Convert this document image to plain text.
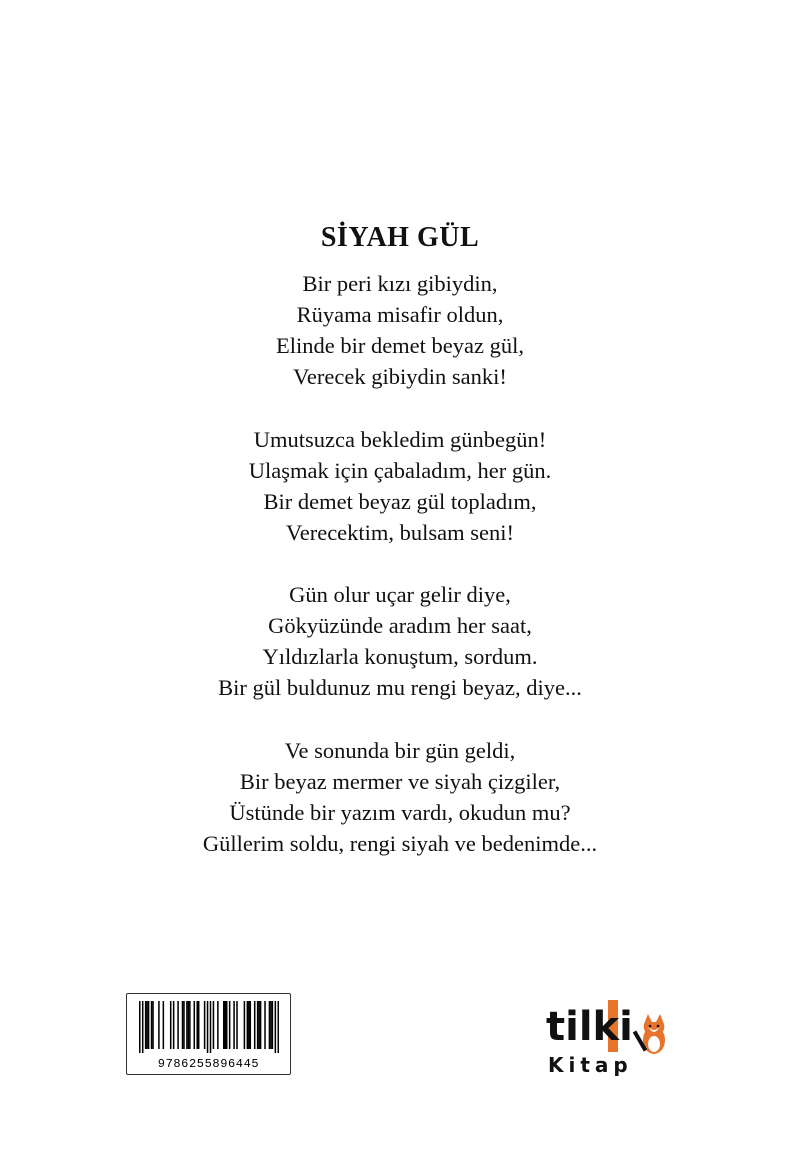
SİYAH GÜL

Bir peri kızı gibiydin,
Rüyama misafir oldun,
Elinde bir demet beyaz gül,
Verecek gibiydin sanki!

Umutsuzca bekledim günbegün!
Ulaşmak için çabaladım, her gün.
Bir demet beyaz gül topladım,
Verecektim, bulsam seni!

Gün olur uçar gelir diye,
Gökyüzünde aradım her saat,
Yıldızlarla konuştum, sordum.
Bir gül buldunuz mu rengi beyaz, diye...

Ve sonunda bir gün geldi,
Bir beyaz mermer ve siyah çizgiler,
Üstünde bir yazım vardı, okudun mu?
Güllerim soldu, rengi siyah ve bedenimde...

9786255896445
tilki
Kitap
